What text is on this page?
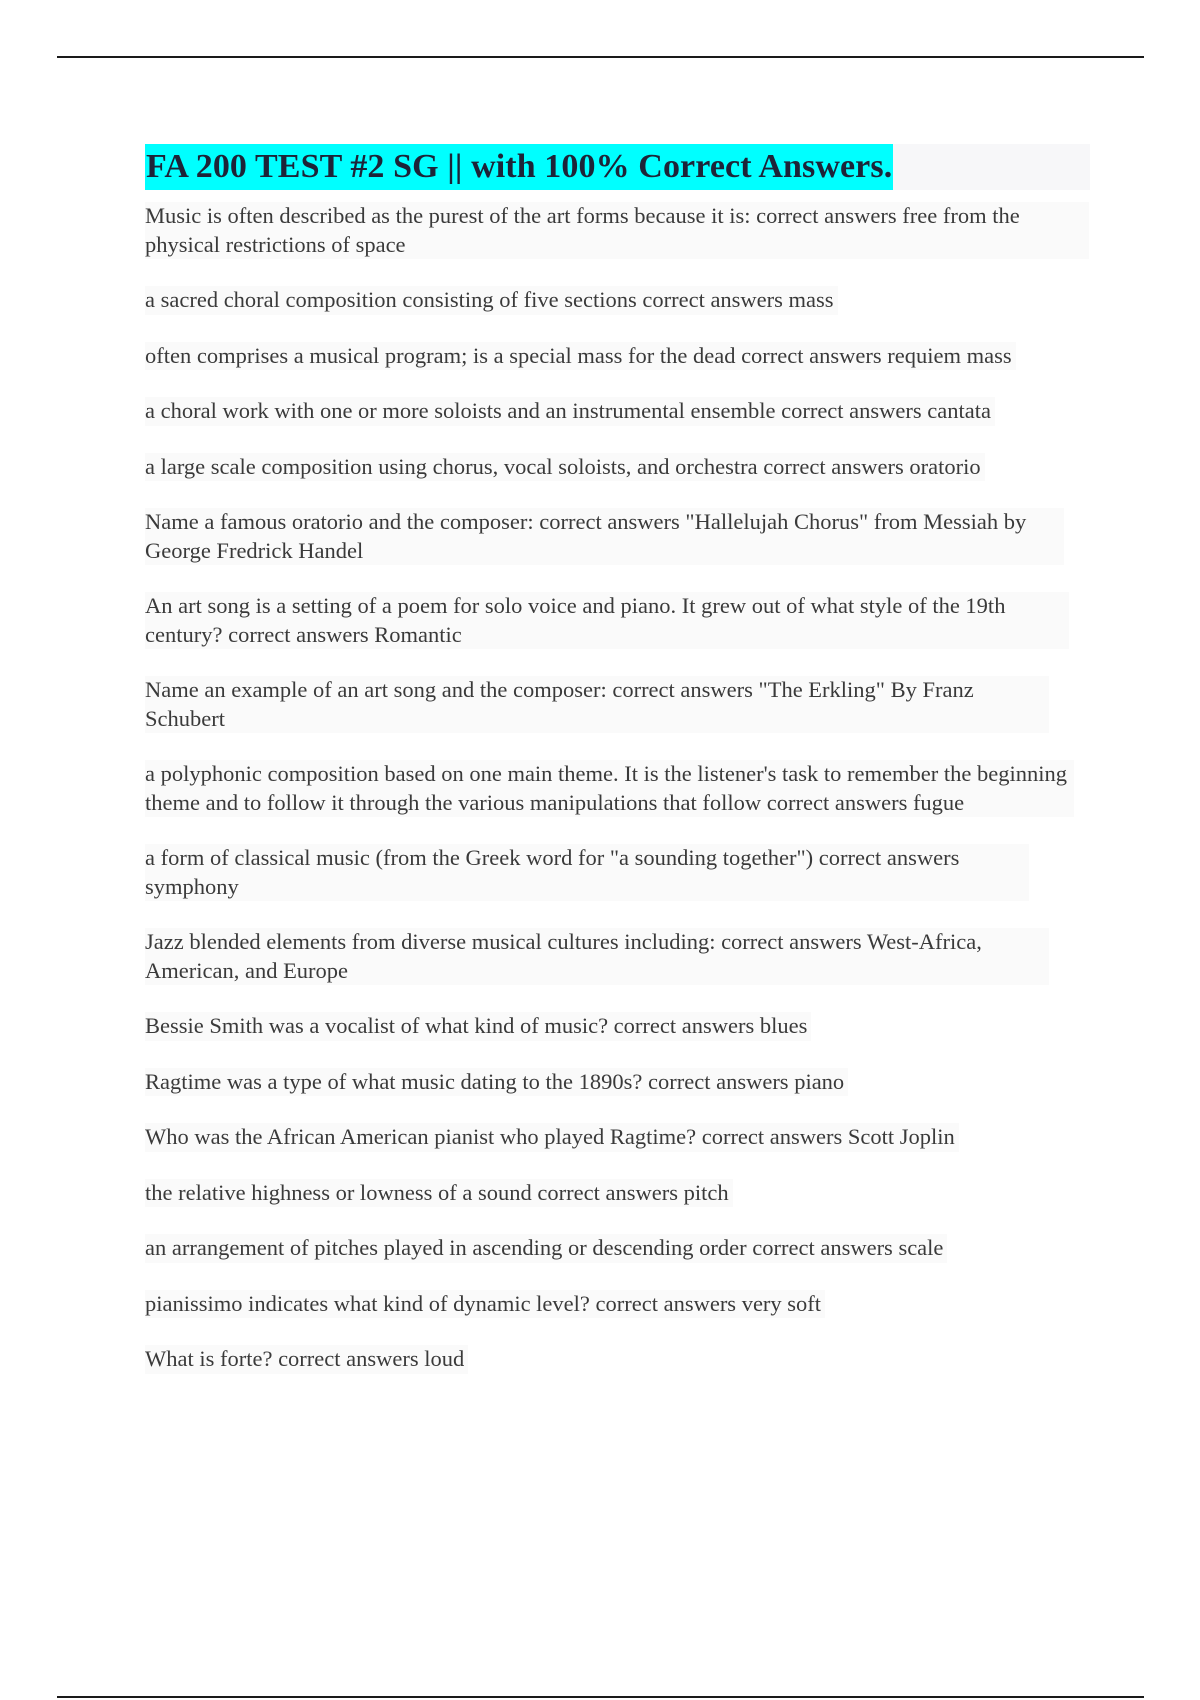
FA 200 TEST #2 SG || with 100% Correct Answers.
Music is often described as the purest of the art forms because it is: correct answers free from the physical restrictions of space
a sacred choral composition consisting of five sections correct answers mass
often comprises a musical program; is a special mass for the dead correct answers requiem mass
a choral work with one or more soloists and an instrumental ensemble correct answers cantata
a large scale composition using chorus, vocal soloists, and orchestra correct answers oratorio
Name a famous oratorio and the composer: correct answers "Hallelujah Chorus" from Messiah by George Fredrick Handel
An art song is a setting of a poem for solo voice and piano. It grew out of what style of the 19th century? correct answers Romantic
Name an example of an art song and the composer: correct answers "The Erkling" By Franz Schubert
a polyphonic composition based on one main theme. It is the listener's task to remember the beginning theme and to follow it through the various manipulations that follow correct answers fugue
a form of classical music (from the Greek word for "a sounding together") correct answers symphony
Jazz blended elements from diverse musical cultures including: correct answers West-Africa, American, and Europe
Bessie Smith was a vocalist of what kind of music? correct answers blues
Ragtime was a type of what music dating to the 1890s? correct answers piano
Who was the African American pianist who played Ragtime? correct answers Scott Joplin
the relative highness or lowness of a sound correct answers pitch
an arrangement of pitches played in ascending or descending order correct answers scale
pianissimo indicates what kind of dynamic level? correct answers very soft
What is forte? correct answers loud
